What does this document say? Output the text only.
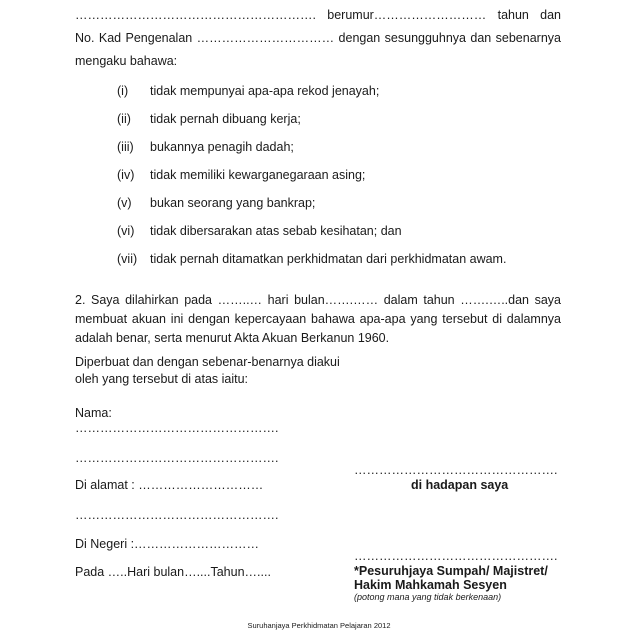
…………………………………………………. berumur……………………… tahun dan
No. Kad Pengenalan …………………………… dengan sesungguhnya dan sebenarnya
mengaku bahawa:
(i) tidak mempunyai apa-apa rekod jenayah;
(ii) tidak pernah dibuang kerja;
(iii) bukannya penagih dadah;
(iv) tidak memiliki kewarganegaraan asing;
(v) bukan seorang yang bankrap;
(vi) tidak dibersarakan atas sebab kesihatan; dan
(vii) tidak pernah ditamatkan perkhidmatan dari perkhidmatan awam.
2. Saya dilahirkan pada ……..… hari bulan…….…… dalam tahun …….…..dan saya
membuat akuan ini dengan kepercayaan bahawa apa-apa yang tersebut di dalamnya
adalah benar, serta menurut Akta Akuan Berkanun 1960.
Diperbuat dan dengan sebenar-benarnya diakui
oleh yang tersebut di atas iaitu:
Nama:
………………………………………….
………………………………………….
Di alamat : …………………………
………………………………………….
Di Negeri :…………………………
Pada …..Hari bulan…....Tahun…....
………………………………………….
di hadapan saya
………………………………………….
*Pesuruhjaya Sumpah/ Majistret/
Hakim Mahkamah Sesyen
(potong mana yang tidak berkenaan)
Suruhanjaya Perkhidmatan Pelajaran 2012
